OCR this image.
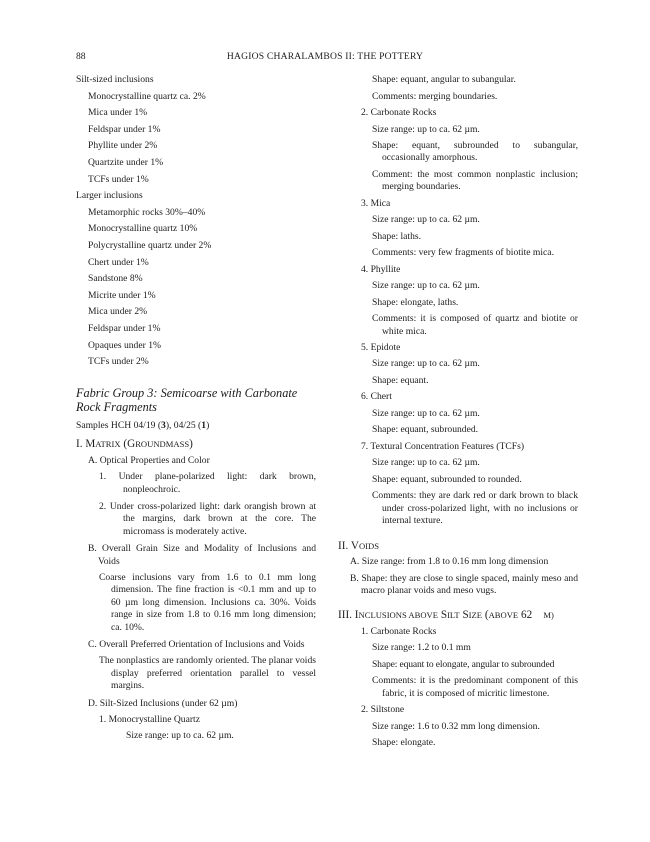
88	HAGIOS CHARALAMBOS II: THE POTTERY
Silt-sized inclusions
Monocrystalline quartz ca. 2%
Mica under 1%
Feldspar under 1%
Phyllite under 2%
Quartzite under 1%
TCFs under 1%
Larger inclusions
Metamorphic rocks 30%–40%
Monocrystalline quartz 10%
Polycrystalline quartz under 2%
Chert under 1%
Sandstone 8%
Micrite under 1%
Mica under 2%
Feldspar under 1%
Opaques under 1%
TCFs under 2%
Fabric Group 3: Semicoarse with Carbonate
Rock Fragments
Samples HCH 04/19 (3), 04/25 (1)
I. MATRIX (GROUNDMASS)
A. Optical Properties and Color

1. Under plane-polarized light: dark brown, nonpleochroic.

2. Under cross-polarized light: dark orangish brown at the margins, dark brown at the core. The micromass is moderately active.

B. Overall Grain Size and Modality of Inclusions and Voids

Coarse inclusions vary from 1.6 to 0.1 mm long dimension. The fine fraction is <0.1 mm and up to 60 µm long dimension. Inclusions ca. 30%. Voids range in size from 1.8 to 0.16 mm long dimension; ca. 10%.

C. Overall Preferred Orientation of Inclusions and Voids

The nonplastics are randomly oriented. The planar voids display preferred orientation parallel to vessel margins.

D. Silt-Sized Inclusions (under 62 µm)
1. Monocrystalline Quartz
Size range: up to ca. 62 µm.
Shape: equant, angular to subangular.
Comments: merging boundaries.
2. Carbonate Rocks
Size range: up to ca. 62 µm.

Shape: equant, subrounded to subangular, occasionally amorphous.

Comment: the most common nonplastic inclusion; merging boundaries.

3. Mica
Size range: up to ca. 62 µm.
Shape: laths.
Comments: very few fragments of biotite mica.
4. Phyllite
Size range: up to ca. 62 µm.
Shape: elongate, laths.

Comments: it is composed of quartz and biotite or white mica.

5. Epidote
Size range: up to ca. 62 µm.
Shape: equant.
6. Chert
Size range: up to ca. 62 µm.
Shape: equant, subrounded.
7. Textural Concentration Features (TCFs)
Size range: up to ca. 62 µm.
Shape: equant, subrounded to rounded.

Comments: they are dark red or dark brown to black under cross-polarized light, with no inclusions or internal texture.

II. VOIDS
A. Size range: from 1.8 to 0.16 mm long dimension

B. Shape: they are close to single spaced, mainly meso and macro planar voids and meso vugs.

III. INCLUSIONS ABOVE SILT SIZE (ABOVE 62 M)
1. Carbonate Rocks
Size range: 1.2 to 0.1 mm
Shape: equant to elongate, angular to subrounded

Comments: it is the predominant component of this fabric, it is composed of micritic limestone.

2. Siltstone
Size range: 1.6 to 0.32 mm long dimension.
Shape: elongate.
